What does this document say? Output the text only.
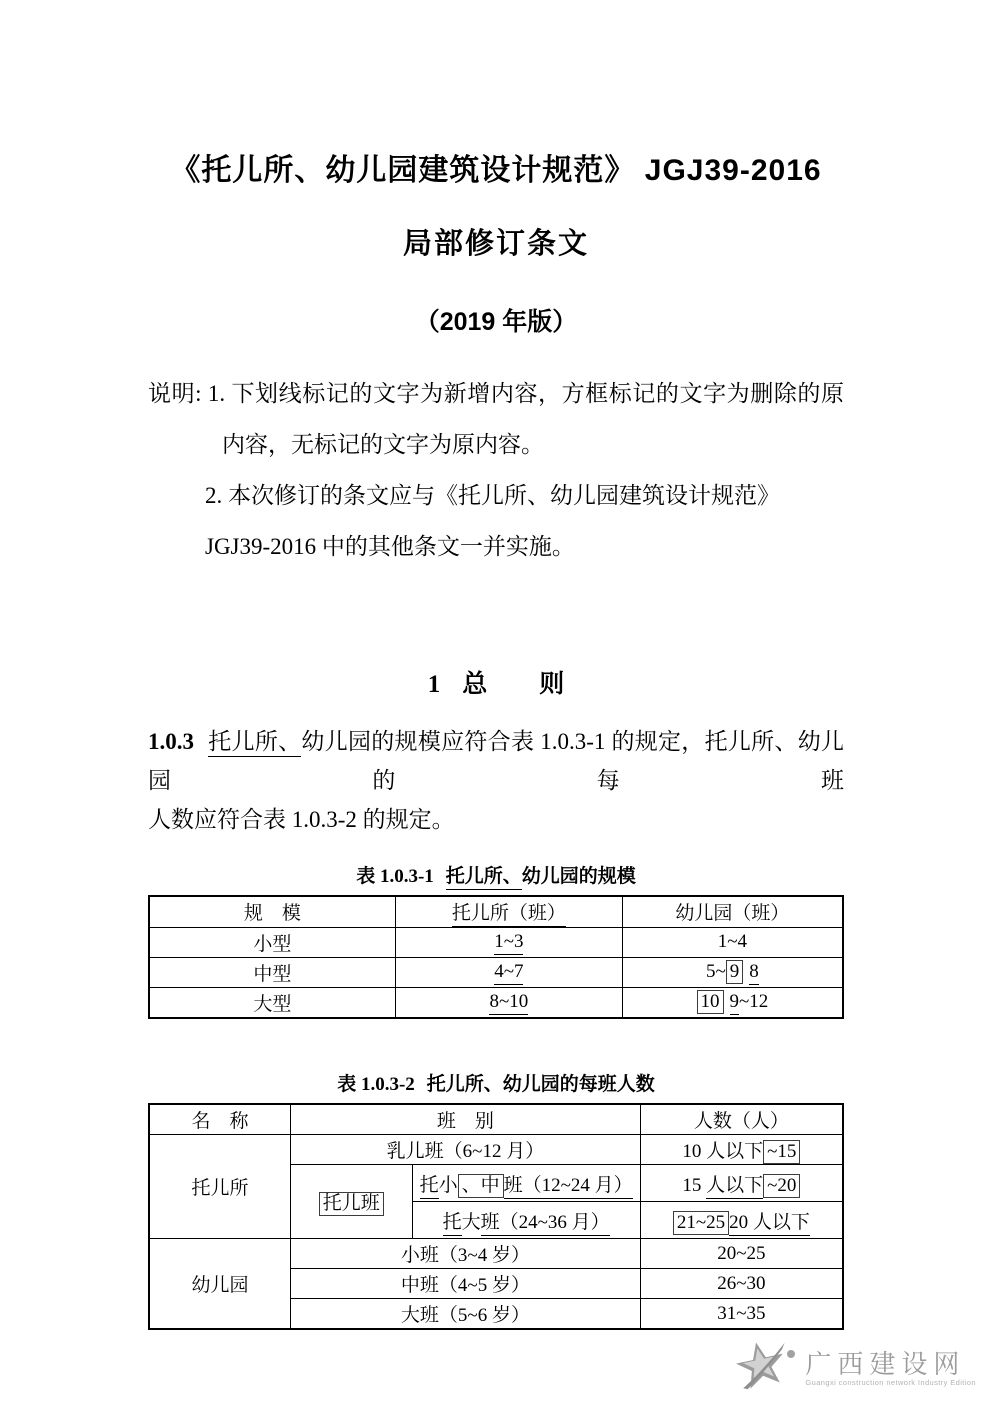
《托儿所、幼儿园建筑设计规范》 JGJ39-2016
局部修订条文
（2019 年版）
说明: 1. 下划线标记的文字为新增内容，方框标记的文字为删除的原
内容，无标记的文字为原内容。
2. 本次修订的条文应与《托儿所、幼儿园建筑设计规范》
JGJ39-2016 中的其他条文一并实施。
1 总 则
1.0.3 托儿所、幼儿园的规模应符合表 1.0.3-1 的规定，托儿所、幼儿园的每班
人数应符合表 1.0.3-2 的规定。
表 1.0.3-1 托儿所、幼儿园的规模
规　模	托儿所（班）	幼儿园（班）
小型	1~3	1~4
中型	4~7	5~ 9 8
大型	8~10	10 9~12
表 1.0.3-2 托儿所、幼儿园的每班人数
名　称	班　别		人数（人）
托儿所	乳儿班（6~12 月）		10 人以下 ~15
	托儿班	托小 、中 班（12~24 月）	15 人以下 ~20
		托大班（24~36 月）	21~25 20 人以下
幼儿园	小班（3~4 岁）		20~25
	中班（4~5 岁）		26~30
	大班（5~6 岁）		31~35
广西建设网
Guangxi construction network Industry Edition
